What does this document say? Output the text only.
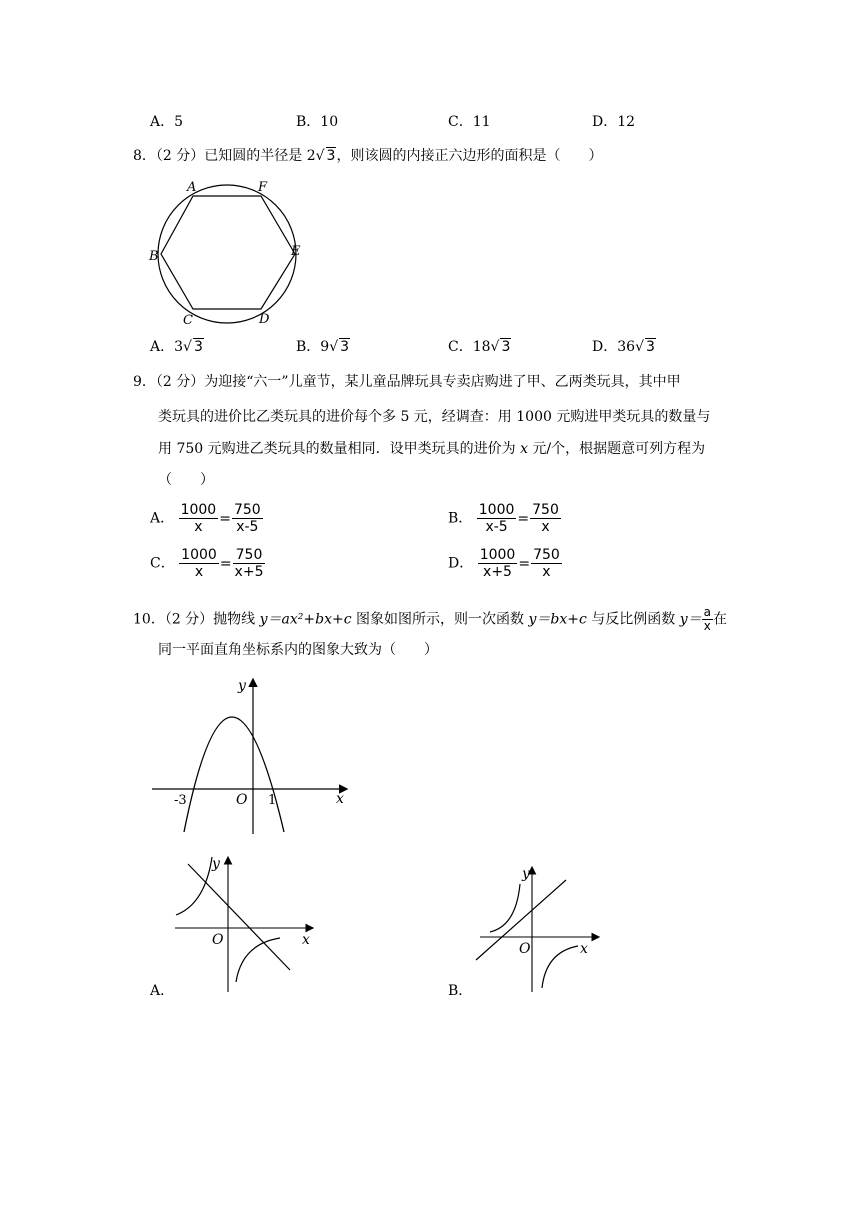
A．5	B．10	C．11	D．12
8．（2 分）已知圆的半径是 2√ 3，则该圆的内接正六边形的面积是（　　）
A	F
B	E
C	D
A．3√ 3	B．9√ 3	C．18√ 3	D．36√ 3
9．（2 分）为迎接“六一”儿童节，某儿童品牌玩具专卖店购进了甲、乙两类玩具，其中甲
类玩具的进价比乙类玩具的进价每个多 5 元，经调查：用 1000 元购进甲类玩具的数量与
用 750 元购进乙类玩具的数量相同．设甲类玩具的进价为 x 元/个，根据题意可列方程为
（　　）
A． $\frac{1000}{x} = \frac{750}{x-5}$	B． $\frac{1000}{x-5} = \frac{750}{x}$
C． $\frac{1000}{x} = \frac{750}{x+5}$	D． $\frac{1000}{x+5} = \frac{750}{x}$
10．（2 分）抛物线 y＝ax²+bx+c 图象如图所示，则一次函数 y＝bx+c 与反比例函数 $y= \frac{a}{x}$ 在
同一平面直角坐标系内的图象大致为（　　）
y
x
O
-3	1
y
x
O
A．
y
x
O
B．
